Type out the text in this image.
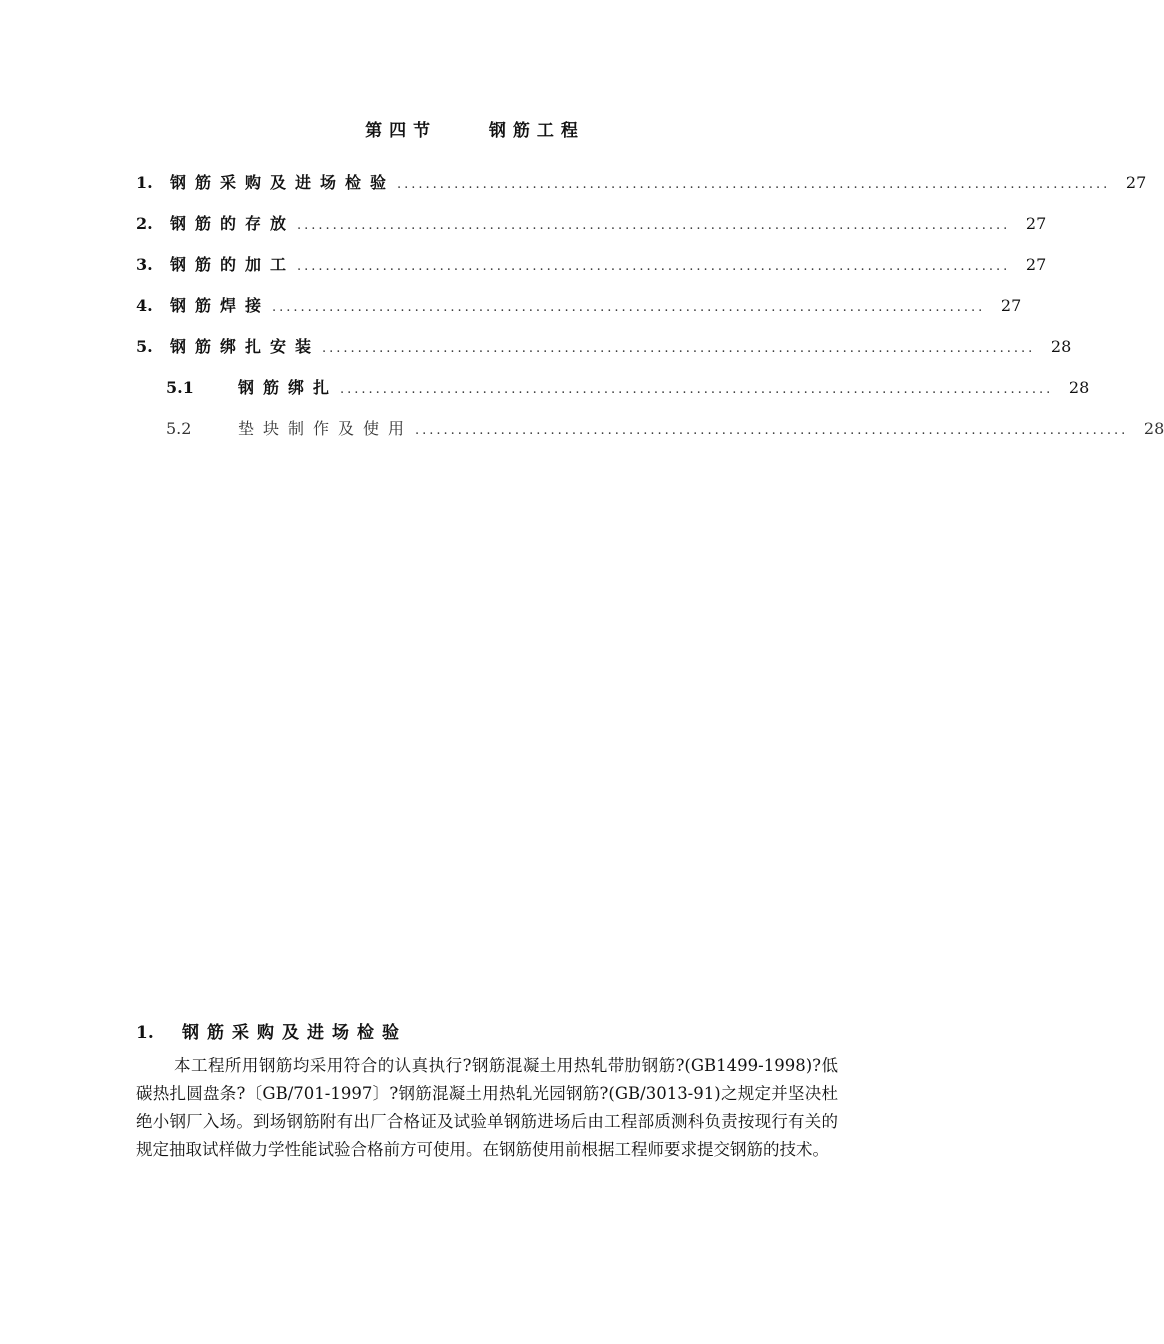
第四节    钢筋工程
1.	钢筋采购及进场检验 .................................................................................................... 27
2.	钢筋的存放 .................................................................................................... 27
3.	钢筋的加工 .................................................................................................... 27
4.	钢筋焊接 .................................................................................................... 27
5.	钢筋绑扎安装 .................................................................................................... 28
5.1	钢筋绑扎 .................................................................................................... 28
5.2	垫块制作及使用 .................................................................................................... 28
1.	钢筋采购及进场检验

本工程所用钢筋均采用符合的认真执行?钢筋混凝土用热轧带肋钢筋?(GB1499-1998)?低碳热扎圆盘条?〔GB/701-1997〕?钢筋混凝土用热轧光园钢筋?(GB/3013-91)之规定并坚决杜绝小钢厂入场。到场钢筋附有出厂合格证及试验单钢筋进场后由工程部质测科负责按现行有关的规定抽取试样做力学性能试验合格前方可使用。在钢筋使用前根据工程师要求提交钢筋的技术。
